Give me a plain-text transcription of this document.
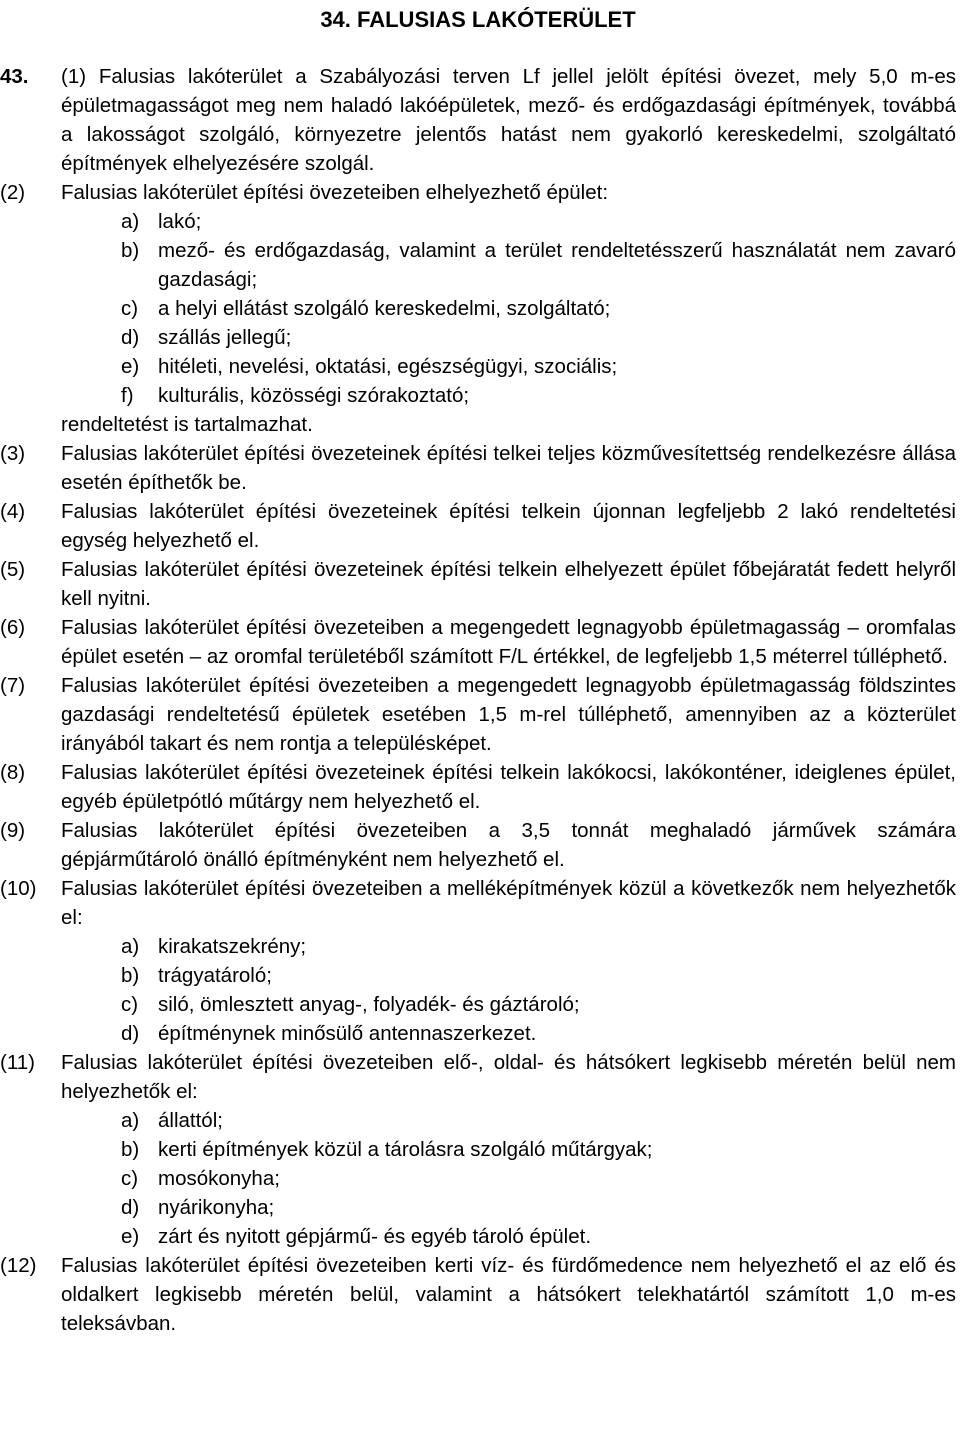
34. FALUSIAS LAKÓTERÜLET
43.	(1) Falusias lakóterület a Szabályozási terven Lf jellel jelölt építési övezet, mely 5,0 m-es épületmagasságot meg nem haladó lakóépületek, mező- és erdőgazdasági építmények, továbbá a lakosságot szolgáló, környezetre jelentős hatást nem gyakorló kereskedelmi, szolgáltató építmények elhelyezésére szolgál.
(2)	Falusias lakóterület építési övezeteiben elhelyezhető épület:
a) lakó;
b) mező- és erdőgazdaság, valamint a terület rendeltetésszerű használatát nem zavaró gazdasági;
c) a helyi ellátást szolgáló kereskedelmi, szolgáltató;
d) szállás jellegű;
e) hitéleti, nevelési, oktatási, egészségügyi, szociális;
f)	kulturális, közösségi szórakoztató;
rendeltetést is tartalmazhat.
(3)	Falusias lakóterület építési övezeteinek építési telkei teljes közművesítettség rendelkezésre állása esetén építhetők be.
(4)	Falusias lakóterület építési övezeteinek építési telkein újonnan legfeljebb 2 lakó rendeltetési egység helyezhető el.
(5)	Falusias lakóterület építési övezeteinek építési telkein elhelyezett épület főbejáratát fedett helyről kell nyitni.
(6)	Falusias lakóterület építési övezeteiben a megengedett legnagyobb épületmagasság – oromfalas épület esetén – az oromfal területéből számított F/L értékkel, de legfeljebb 1,5 méterrel túlléphető.
(7)	Falusias lakóterület építési övezeteiben a megengedett legnagyobb épületmagasság földszintes gazdasági rendeltetésű épületek esetében 1,5 m-rel túlléphető, amennyiben az a közterület irányából takart és nem rontja a településképet.
(8)	Falusias lakóterület építési övezeteinek építési telkein lakókocsi, lakókonténer, ideiglenes épület, egyéb épületpótló műtárgy nem helyezhető el.
(9)	Falusias lakóterület építési övezeteiben a 3,5 tonnát meghaladó járművek számára gépjárműtároló önálló építményként nem helyezhető el.
(10)	Falusias lakóterület építési övezeteiben a melléképítmények közül a következők nem helyezhetők el:
a) kirakatszekrény;
b) trágyatároló;
c) siló, ömlesztett anyag-, folyadék- és gáztároló;
d) építménynek minősülő antennaszerkezet.
(11)	Falusias lakóterület építési övezeteiben elő-, oldal- és hátsókert legkisebb méretén belül nem helyezhetők el:
a) állattól;
b) kerti építmények közül a tárolásra szolgáló műtárgyak;
c) mosókonyha;
d) nyárikonyha;
e) zárt és nyitott gépjármű- és egyéb tároló épület.
(12)	Falusias lakóterület építési övezeteiben kerti víz- és fürdőmedence nem helyezhető el az elő és oldalkert legkisebb méretén belül, valamint a hátsókert telekhatártól számított 1,0 m-es teleksávban.
